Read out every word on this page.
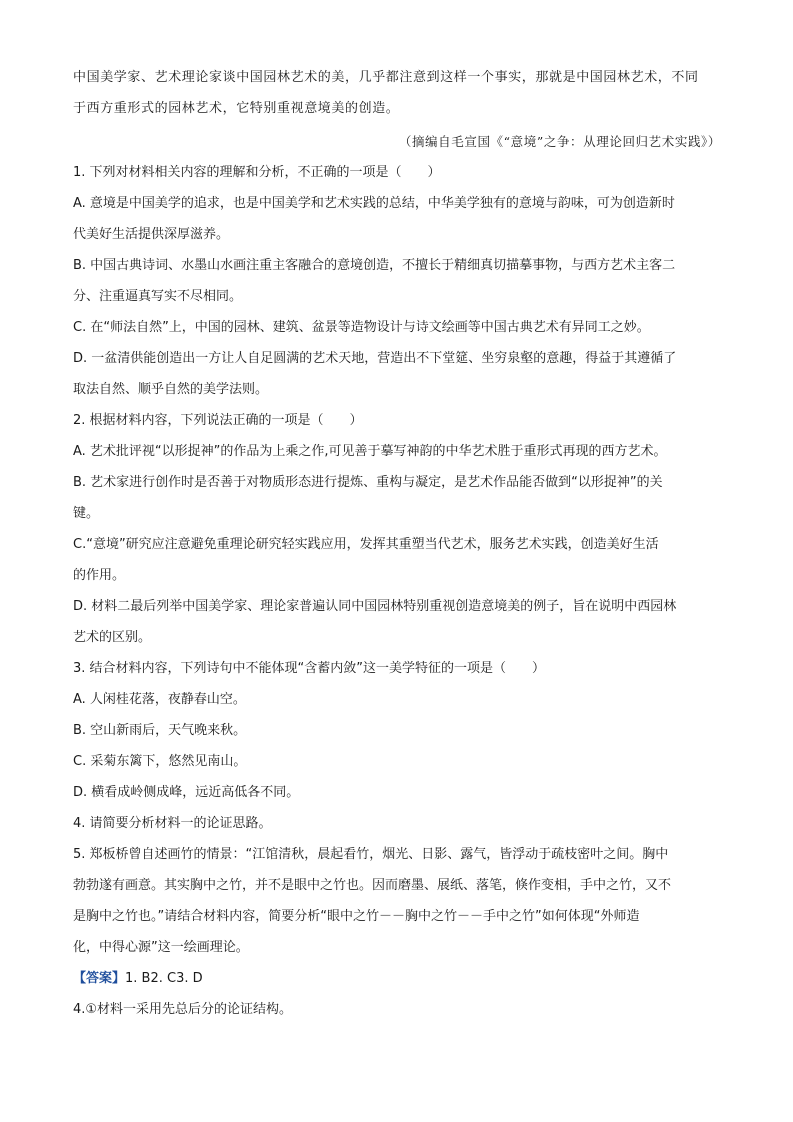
中国美学家、艺术理论家谈中国园林艺术的美，几乎都注意到这样一个事实，那就是中国园林艺术，不同
于西方重形式的园林艺术，它特别重视意境美的创造。
（摘编自毛宣国《“意境”之争：从理论回归艺术实践》）
1. 下列对材料相关内容的理解和分析，不正确的一项是（　　）
A. 意境是中国美学的追求，也是中国美学和艺术实践的总结，中华美学独有的意境与韵味，可为创造新时
代美好生活提供深厚滋养。
B. 中国古典诗词、水墨山水画注重主客融合的意境创造，不擅长于精细真切描摹事物，与西方艺术主客二
分、注重逼真写实不尽相同。
C. 在“师法自然”上，中国的园林、建筑、盆景等造物设计与诗文绘画等中国古典艺术有异同工之妙。
D. 一盆清供能创造出一方让人自足圆满的艺术天地，营造出不下堂筵、坐穷泉壑的意趣，得益于其遵循了
取法自然、顺乎自然的美学法则。
2. 根据材料内容，下列说法正确的一项是（　　）
A. 艺术批评视“以形捉神”的作品为上乘之作,可见善于摹写神韵的中华艺术胜于重形式再现的西方艺术。
B. 艺术家进行创作时是否善于对物质形态进行提炼、重构与凝定，是艺术作品能否做到“以形捉神”的关
键。
C.“意境”研究应注意避免重理论研究轻实践应用，发挥其重塑当代艺术，服务艺术实践，创造美好生活
的作用。
D. 材料二最后列举中国美学家、理论家普遍认同中国园林特别重视创造意境美的例子，旨在说明中西园林
艺术的区别。
3. 结合材料内容，下列诗句中不能体现“含蓄内敛”这一美学特征的一项是（　　）
A. 人闲桂花落，夜静春山空。
B. 空山新雨后，天气晚来秋。
C. 采菊东篱下，悠然见南山。
D. 横看成岭侧成峰，远近高低各不同。
4. 请简要分析材料一的论证思路。
5. 郑板桥曾自述画竹的情景：“江馆清秋，晨起看竹，烟光、日影、露气，皆浮动于疏枝密叶之间。胸中
勃勃遂有画意。其实胸中之竹，并不是眼中之竹也。因而磨墨、展纸、落笔，倏作变相，手中之竹，又不
是胸中之竹也。”请结合材料内容，简要分析“眼中之竹－－胸中之竹－－手中之竹”如何体现“外师造
化，中得心源”这一绘画理论。
【答案】1. B2. C3. D
4.①材料一采用先总后分的论证结构。
